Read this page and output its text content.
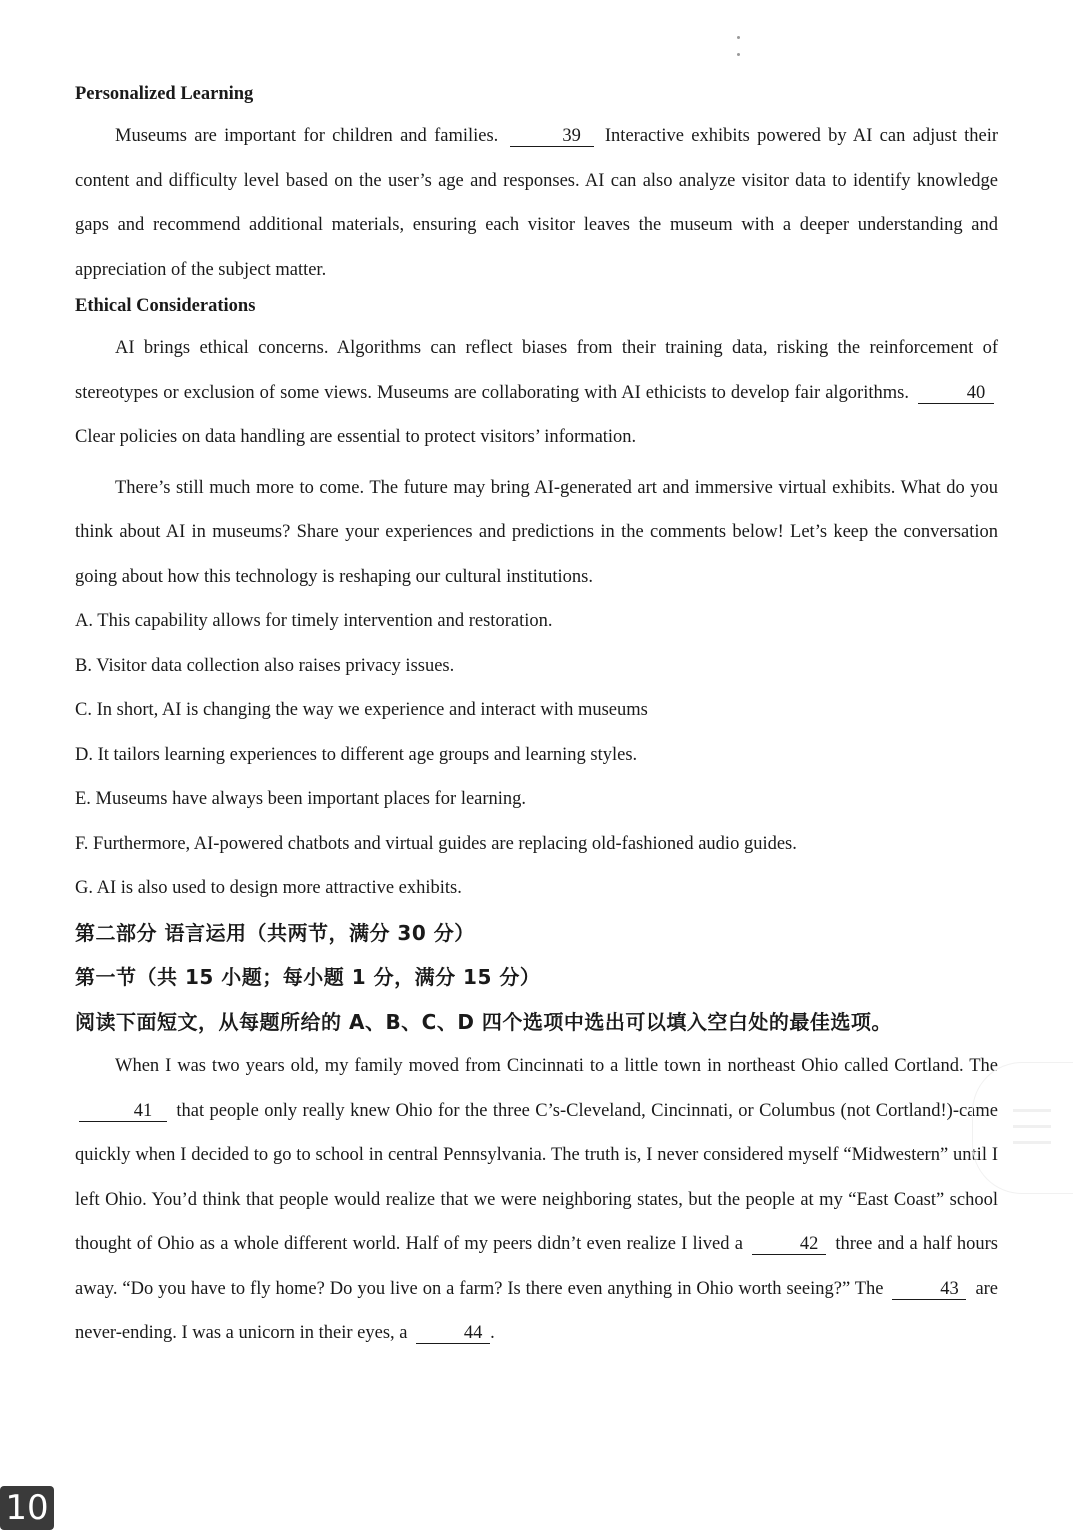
Personalized Learning

Museums are important for children and families.	39 Interactive exhibits powered by AI can adjust their content and difficulty level based on the user’s age and responses. AI can also analyze visitor data to identify knowledge gaps and recommend additional materials, ensuring each visitor leaves the museum with a deeper understanding and appreciation of the subject matter.

Ethical Considerations

AI brings ethical concerns. Algorithms can reflect biases from their training data, risking the reinforcement of stereotypes or exclusion of some views. Museums are collaborating with AI ethicists to develop fair algorithms.	40 Clear policies on data handling are essential to protect visitors’ information.

There’s still much more to come. The future may bring AI-generated art and immersive virtual exhibits. What do you think about AI in museums? Share your experiences and predictions in the comments below! Let’s keep the conversation going about how this technology is reshaping our cultural institutions.

A. This capability allows for timely intervention and restoration.

B. Visitor data collection also raises privacy issues.

C. In short, AI is changing the way we experience and interact with museums

D. It tailors learning experiences to different age groups and learning styles.

E. Museums have always been important places for learning.

F. Furthermore, AI-powered chatbots and virtual guides are replacing old-fashioned audio guides.

G. AI is also used to design more attractive exhibits.

第二部分 语言运用（共两节，满分 30 分）

第一节（共 15 小题；每小题 1 分，满分 15 分）

阅读下面短文，从每题所给的 A、B、C、D 四个选项中选出可以填入空白处的最佳选项。

When I was two years old, my family moved from Cincinnati to a little town in northeast Ohio called Cortland. The 41 that people only really knew Ohio for the three C’s-Cleveland, Cincinnati, or Columbus (not Cortland!)-came quickly when I decided to go to school in central Pennsylvania. The truth is, I never considered myself “Midwestern” until I left Ohio. You’d think that people would realize that we were neighboring states, but the people at my “East Coast” school thought of Ohio as a whole different world. Half of my peers didn’t even realize I lived a	42 three and a half hours away. “Do you have to fly home? Do you live on a farm? Is there even anything in Ohio worth seeing?” The	43 are never-ending. I was a unicorn in their eyes, a	44 .

10
